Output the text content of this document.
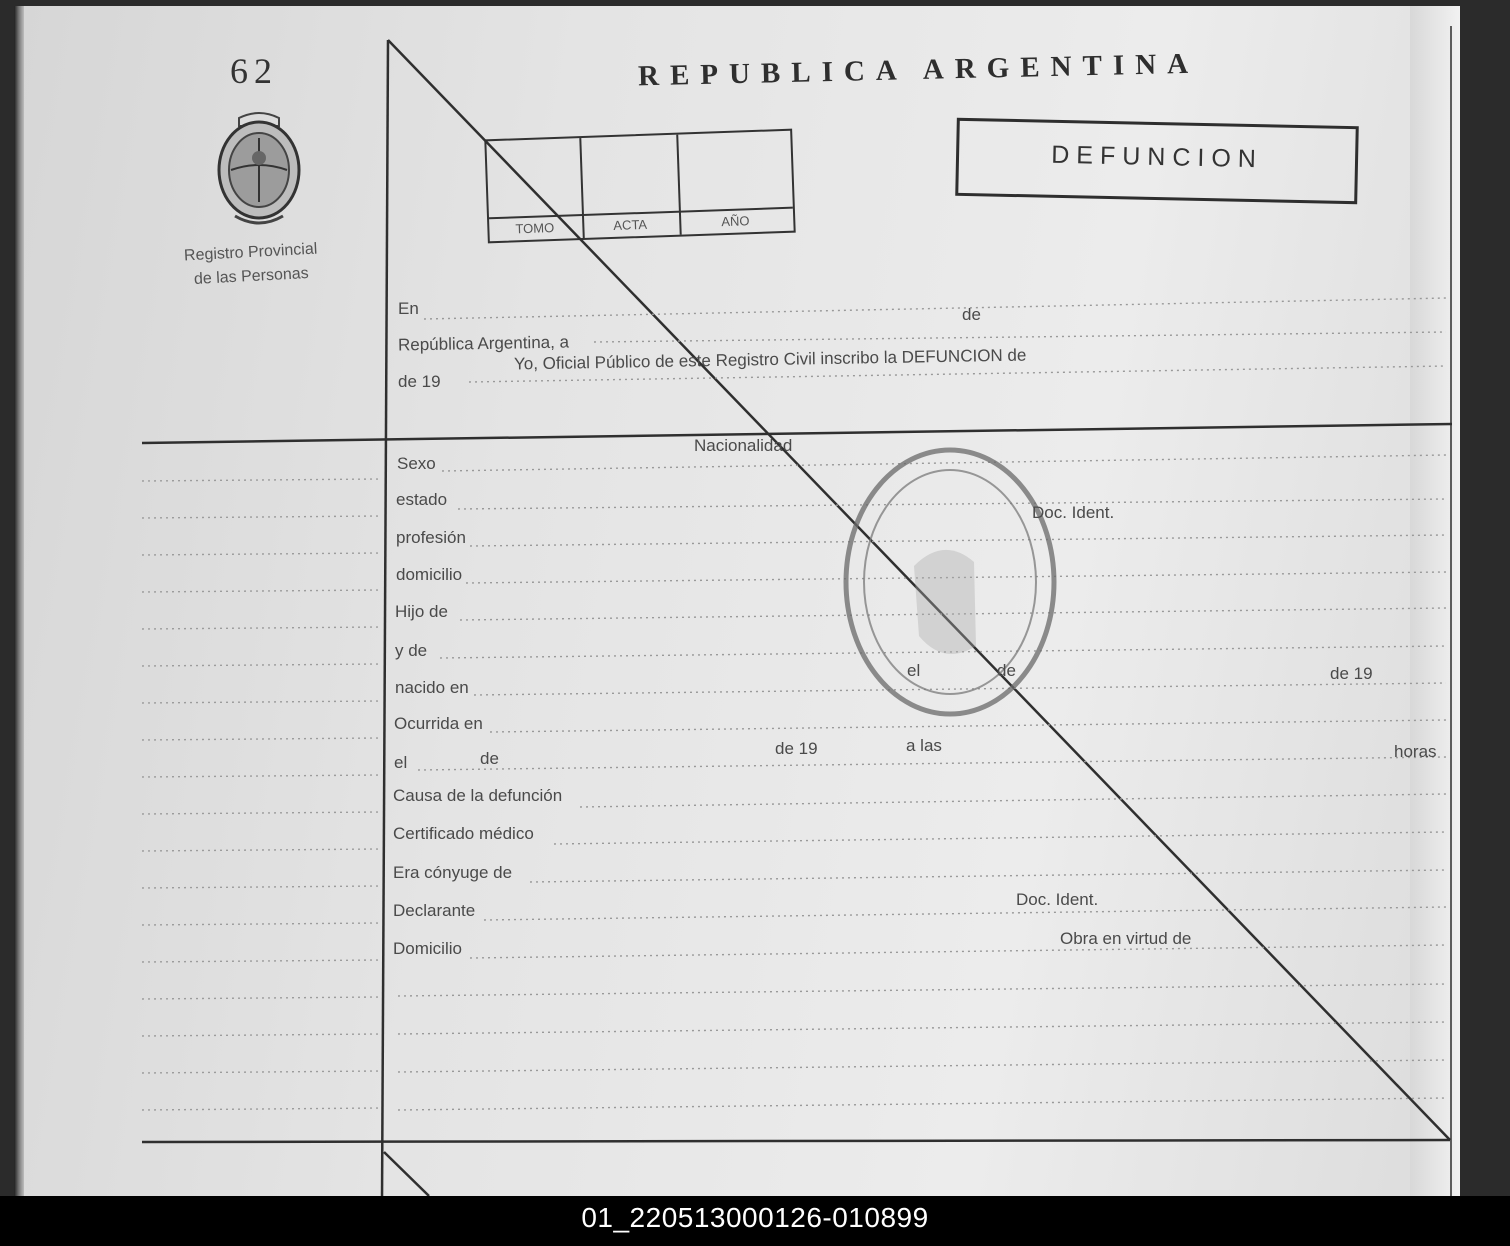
62
Registro Provincial
de las Personas
REPUBLICA ARGENTINA
DEFUNCION
TOMO	ACTA	AÑO
En	de
República Argentina, a
de 19
Yo, Oficial Público de este Registro Civil inscribo la DEFUNCION de
Sexo
Nacionalidad
estado
Doc. Ident.
profesión
domicilio
Hijo de
y de
nacido en
el	de	de 19
Ocurrida en
el	de
de 19	a las	horas
Causa de la defunción
Certificado médico
Era cónyuge de
Declarante
Doc. Ident.
Domicilio
Obra en virtud de
01_220513000126-010899
